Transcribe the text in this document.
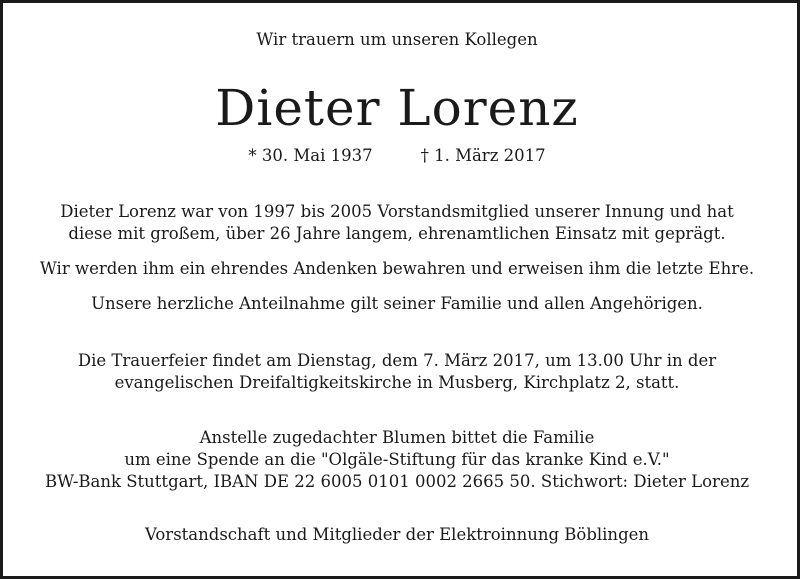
Wir trauern um unseren Kollegen
Dieter Lorenz
* 30. Mai 1937	† 1. März 2017
Dieter Lorenz war von 1997 bis 2005 Vorstandsmitglied unserer Innung und hat
diese mit großem, über 26 Jahre langem, ehrenamtlichen Einsatz mit geprägt.
Wir werden ihm ein ehrendes Andenken bewahren und erweisen ihm die letzte Ehre.
Unsere herzliche Anteilnahme gilt seiner Familie und allen Angehörigen.
Die Trauerfeier findet am Dienstag, dem 7. März 2017, um 13.00 Uhr in der
evangelischen Dreifaltigkeitskirche in Musberg, Kirchplatz 2, statt.
Anstelle zugedachter Blumen bittet die Familie
um eine Spende an die "Olgäle-Stiftung für das kranke Kind e.V."
BW-Bank Stuttgart, IBAN DE 22 6005 0101 0002 2665 50. Stichwort: Dieter Lorenz
Vorstandschaft und Mitglieder der Elektroinnung Böblingen
